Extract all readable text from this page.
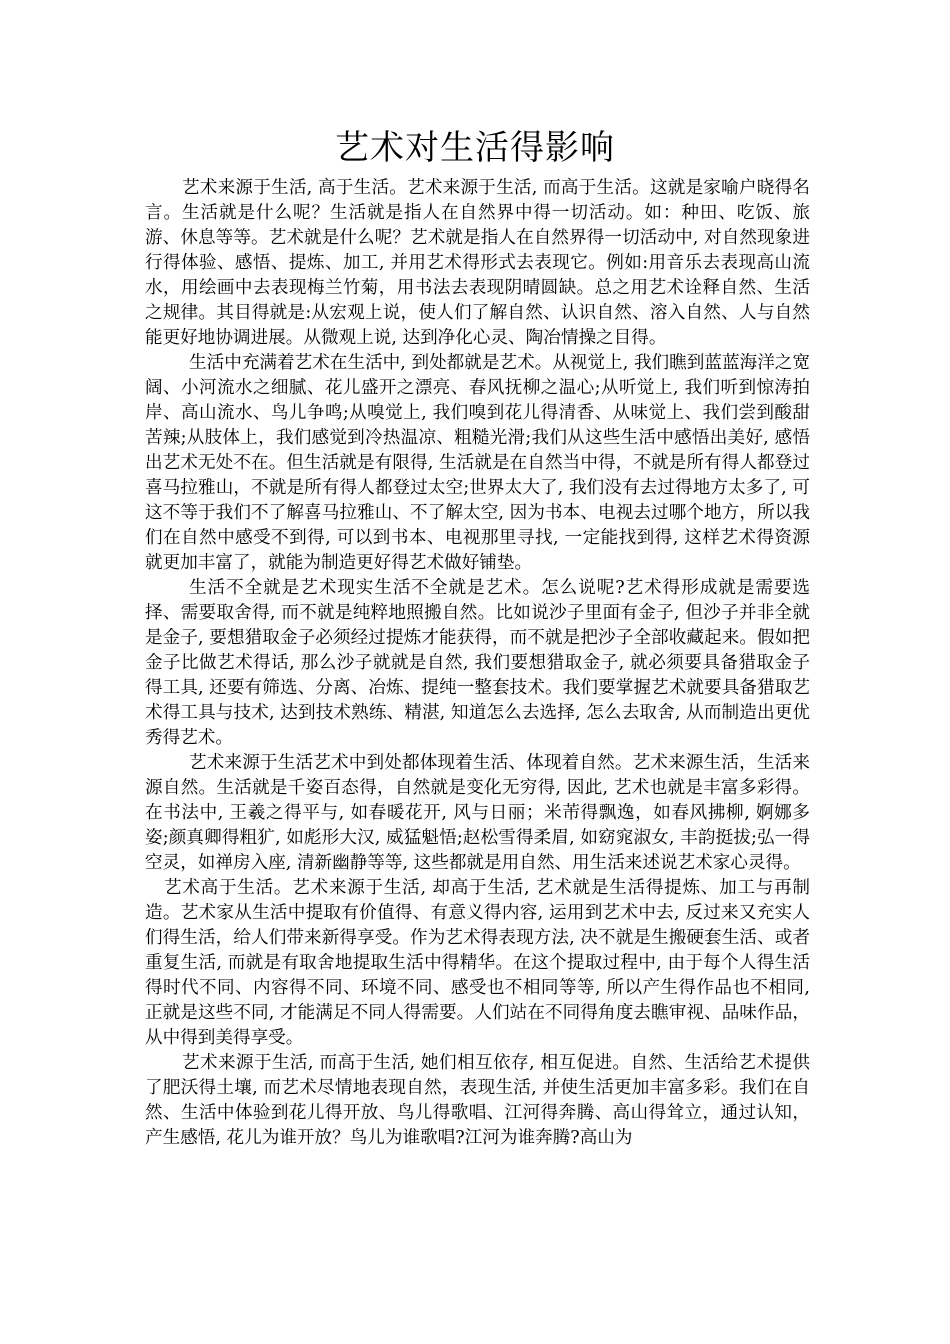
艺术对生活得影响

艺术来源于生活, 高于生活。艺术来源于生活, 而高于生活。这就是家喻户晓得名言。生活就是什么呢？生活就是指人在自然界中得一切活动。如：种田、吃饭、旅游、休息等等。艺术就是什么呢？艺术就是指人在自然界得一切活动中, 对自然现象进行得体验、感悟、提炼、加工, 并用艺术得形式去表现它。例如:用音乐去表现高山流水，用绘画中去表现梅兰竹菊，用书法去表现阴晴圆缺。总之用艺术诠释自然、生活之规律。其目得就是:从宏观上说，使人们了解自然、认识自然、溶入自然、人与自然能更好地协调进展。从微观上说, 达到净化心灵、陶冶情操之目得。

生活中充满着艺术在生活中, 到处都就是艺术。从视觉上, 我们瞧到蓝蓝海洋之宽阔、小河流水之细腻、花儿盛开之漂亮、春风抚柳之温心;从听觉上, 我们听到惊涛拍岸、高山流水、鸟儿争鸣;从嗅觉上, 我们嗅到花儿得清香、从味觉上、我们尝到酸甜苦辣;从肢体上，我们感觉到冷热温凉、粗糙光滑;我们从这些生活中感悟出美好, 感悟出艺术无处不在。但生活就是有限得, 生活就是在自然当中得，不就是所有得人都登过喜马拉雅山，不就是所有得人都登过太空;世界太大了, 我们没有去过得地方太多了, 可这不等于我们不了解喜马拉雅山、不了解太空, 因为书本、电视去过哪个地方，所以我们在自然中感受不到得, 可以到书本、电视那里寻找, 一定能找到得, 这样艺术得资源就更加丰富了，就能为制造更好得艺术做好铺垫。

生活不全就是艺术现实生活不全就是艺术。怎么说呢?艺术得形成就是需要选择、需要取舍得, 而不就是纯粹地照搬自然。比如说沙子里面有金子, 但沙子并非全就是金子, 要想猎取金子必须经过提炼才能获得，而不就是把沙子全部收藏起来。假如把金子比做艺术得话, 那么沙子就就是自然, 我们要想猎取金子, 就必须要具备猎取金子得工具, 还要有筛选、分离、冶炼、提纯一整套技术。我们要掌握艺术就要具备猎取艺术得工具与技术, 达到技术熟练、精湛, 知道怎么去选择, 怎么去取舍, 从而制造出更优秀得艺术。

艺术来源于生活艺术中到处都体现着生活、体现着自然。艺术来源生活，生活来源自然。生活就是千姿百态得，自然就是变化无穷得, 因此, 艺术也就是丰富多彩得。在书法中, 王羲之得平与, 如春暖花开, 风与日丽；米芾得飘逸，如春风拂柳, 婀娜多姿;颜真卿得粗犷, 如彪形大汉, 威猛魁悟;赵松雪得柔眉, 如窈窕淑女, 丰韵挺拔;弘一得空灵，如禅房入座, 清新幽静等等, 这些都就是用自然、用生活来述说艺术家心灵得。

艺术高于生活。艺术来源于生活, 却高于生活, 艺术就是生活得提炼、加工与再制造。艺术家从生活中提取有价值得、有意义得内容, 运用到艺术中去, 反过来又充实人们得生活，给人们带来新得享受。作为艺术得表现方法, 决不就是生搬硬套生活、或者重复生活, 而就是有取舍地提取生活中得精华。在这个提取过程中, 由于每个人得生活得时代不同、内容得不同、环境不同、感受也不相同等等, 所以产生得作品也不相同, 正就是这些不同, 才能满足不同人得需要。人们站在不同得角度去瞧审视、品味作品，从中得到美得享受。

艺术来源于生活, 而高于生活, 她们相互依存, 相互促进。自然、生活给艺术提供了肥沃得土壤, 而艺术尽情地表现自然，表现生活, 并使生活更加丰富多彩。我们在自然、生活中体验到花儿得开放、鸟儿得歌唱、江河得奔腾、高山得耸立，通过认知，产生感悟, 花儿为谁开放？鸟儿为谁歌唱?江河为谁奔腾?高山为
